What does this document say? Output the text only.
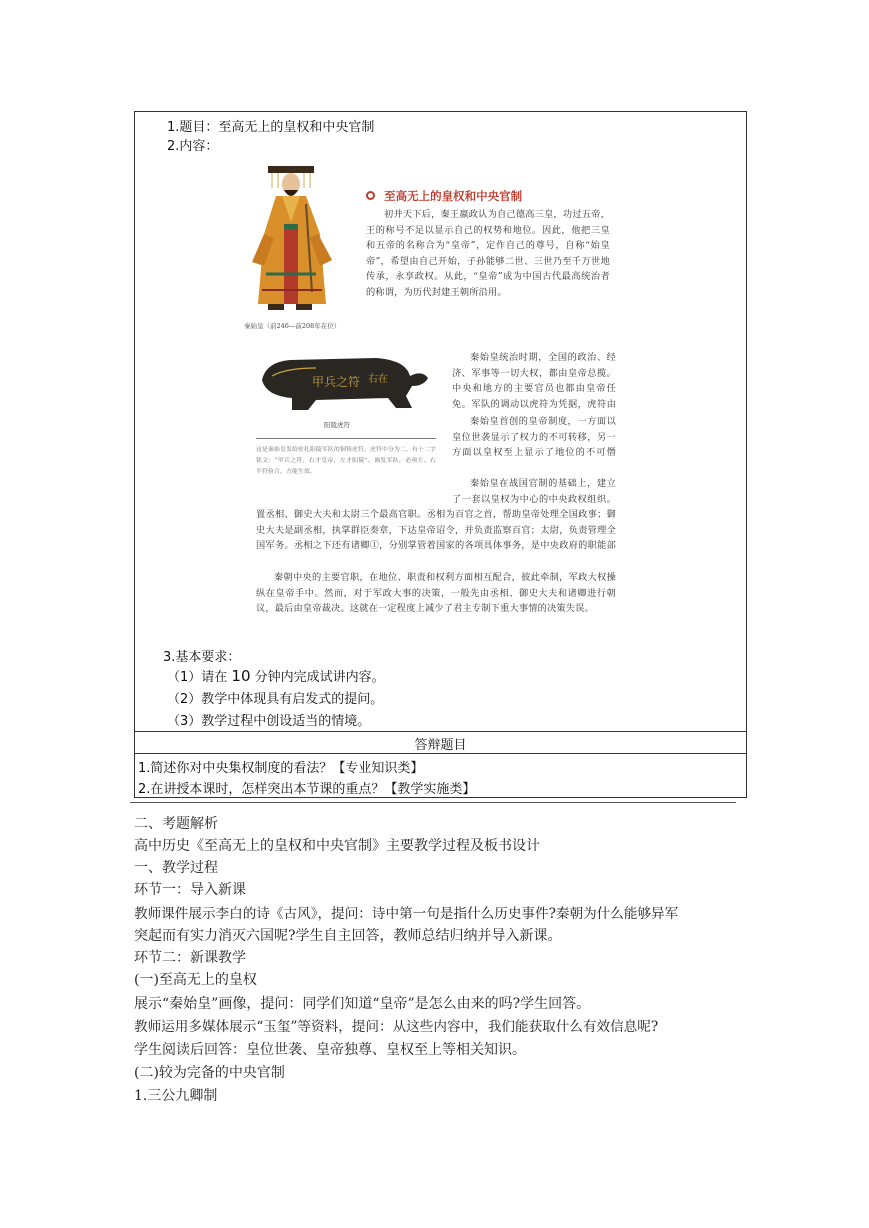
1.题目：至高无上的皇权和中央官制
2.内容：
秦始皇（前246—前208年在位）
至高无上的皇权和中央官制

初并天下后，秦王嬴政认为自己德高三皇，功过五帝，王的称号不足以显示自己的权势和地位。因此，他把三皇和五帝的名称合为“皇帝”，定作自己的尊号，自称“始皇帝”，希望由自己开始，子孙能够二世、三世乃至千万世地传承，永享政权。从此，“皇帝”成为中国古代最高统治者的称谓，为历代封建王朝所沿用。

甲兵之符 右在
阳陵虎符

这是秦始皇发给驻扎阳陵军队的铜铸虎符。虎符中分为二，有十二字铭文：“甲兵之符，右才皇帝，左才阳陵”。调发军队，必须左、右半符验合，方能生效。

秦始皇统治时期，全国的政治、经济、军事等一切大权，都由皇帝总揽。中央和地方的主要官员也都由皇帝任免。军队的调动以虎符为凭据，虎符由

秦始皇首创的皇帝制度，一方面以皇位世袭显示了权力的不可转移，另一方面以皇权至上显示了地位的不可僭

秦始皇在战国官制的基础上，建立了一套以皇权为中心的中央政权组织。

置丞相、御史大夫和太尉三个最高官职。丞相为百官之首，帮助皇帝处理全国政事；御史大夫是副丞相，执掌群臣奏章，下达皇帝诏令，并负责监察百官；太尉，负责管理全国军务。丞相之下还有诸卿①，分别掌管着国家的各项具体事务，是中央政府的职能部

秦朝中央的主要官职，在地位、职责和权利方面相互配合，彼此牵制，军政大权操纵在皇帝手中。然而，对于军政大事的决策，一般先由丞相、御史大夫和诸卿进行朝议，最后由皇帝裁决。这就在一定程度上减少了君主专制下重大事情的决策失误。

3.基本要求：
（1）请在 10 分钟内完成试讲内容。
（2）教学中体现具有启发式的提问。
（3）教学过程中创设适当的情境。
答辩题目
1.简述你对中央集权制度的看法？【专业知识类】
2.在讲授本课时，怎样突出本节课的重点？【教学实施类】
二、考题解析
高中历史《至高无上的皇权和中央官制》主要教学过程及板书设计
一、教学过程
环节一：导入新课
教师课件展示李白的诗《古风》，提问：诗中第一句是指什么历史事件?秦朝为什么能够异军
突起而有实力消灭六国呢?学生自主回答，教师总结归纳并导入新课。
环节二：新课教学
(一)至高无上的皇权
展示“秦始皇”画像，提问：同学们知道“皇帝”是怎么由来的吗?学生回答。
教师运用多媒体展示“玉玺”等资料，提问：从这些内容中，我们能获取什么有效信息呢?
学生阅读后回答：皇位世袭、皇帝独尊、皇权至上等相关知识。
(二)较为完备的中央官制
1.三公九卿制
